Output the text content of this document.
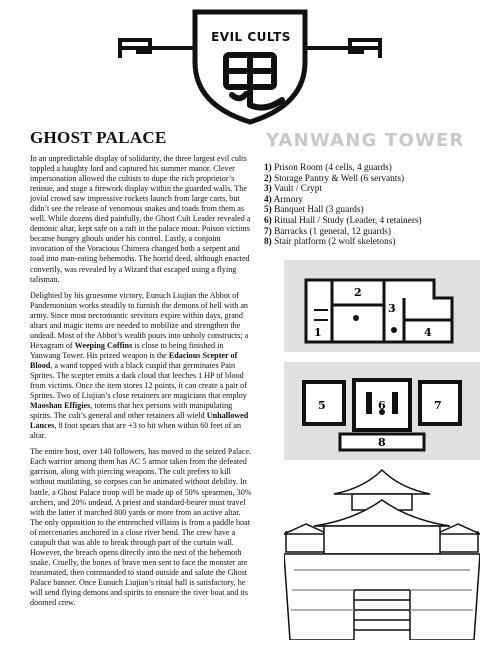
EVIL CULTS
GHOST PALACE

In an unpredictable display of solidarity, the three largest evil cults toppled a haughty lord and captured his summer manor. Clever impersonation allowed the cultists to dupe the rich proprietor’s retinue, and stage a firework display within the guarded walls. The jovial crowd saw impressive rockets launch from large carts, but didn’t see the release of venomous snakes and toads from them as well. While dozens died painfully, the Ghost Cult Leader revealed a demonic altar, kept safe on a raft in the palace moat. Poison victims became hungry ghouls under his control. Lastly, a conjoint invocation of the Voracious Chimera changed both a serpent and toad into man-eating behemoths. The horrid deed, although enacted convertly, was revealed by a Wizard that escaped using a flying talisman.

Delighted by his gruesome victory, Eunuch Liujian the Abbot of Pandemonium works steadily to furnish the demons of hell with an army. Since most necromantic servitors expire within days, grand altars and magic items are needed to mobilize and strengthen the undead. Most of the Abbot’s wealth pours into unholy constructs; a Hexagram of Weeping Coffins is close to being finished in Yanwang Tower. His prized weapon is the Edacious Scepter of Blood, a wand topped with a black cuspid that germinates Pain Sprites. The scepter emits a dark cloud that leeches 1 HP of blood from victims. Once the item stores 12 points, it can create a pair of Sprites. Two of Liujian’s close retainers are magicians that employ Maoshan Effigies, totems that hex persons with manipulating spirits. The cult’s general and other retainers all wield Unhallowed Lances, 8 foot spears that are +3 to hit when within 60 feet of an altar.

The entire host, over 140 followers, has moved to the seized Palace. Each warrior among them has AC 5 armor taken from the defeated garrison, along with piercing weapons. The cult prefers to kill without mutilating, so corpses can be animated without debility. In battle, a Ghost Palace troop will be made up of 50% spearmen, 30% archers, and 20% undead. A priest and standard-bearer must travel with the latter if marched 800 yards or more from an active altar. The only opposition to the entrenched villains is from a paddle boat of mercenaries anchored in a close river bend. The crew have a catapult that was able to break through part of the curtain wall. However, the breach opens directly into the nest of the behemoth snake. Cruelly, the bones of brave men sent to face the monster are reanimated, then commanded to stand outside and salute the Ghost Palace banner. Once Eunuch Liujian’s ritual hall is satisfactory, he will send flying demons and spirits to ensnare the river boat and its doomed crew.

YANWANG TOWER
1) Prison Room (4 cells, 4 guards)
2) Storage Pantry & Well (6 servants)
3) Vault / Crypt
4) Armory
5) Banquet Hall (3 guards)
6) Ritual Hall / Study (Leader, 4 retainers)
7) Barracks (1 general, 12 guards)
8) Stair platform (2 wolf skeletons)
1
2
3
4
5	6	7
8
